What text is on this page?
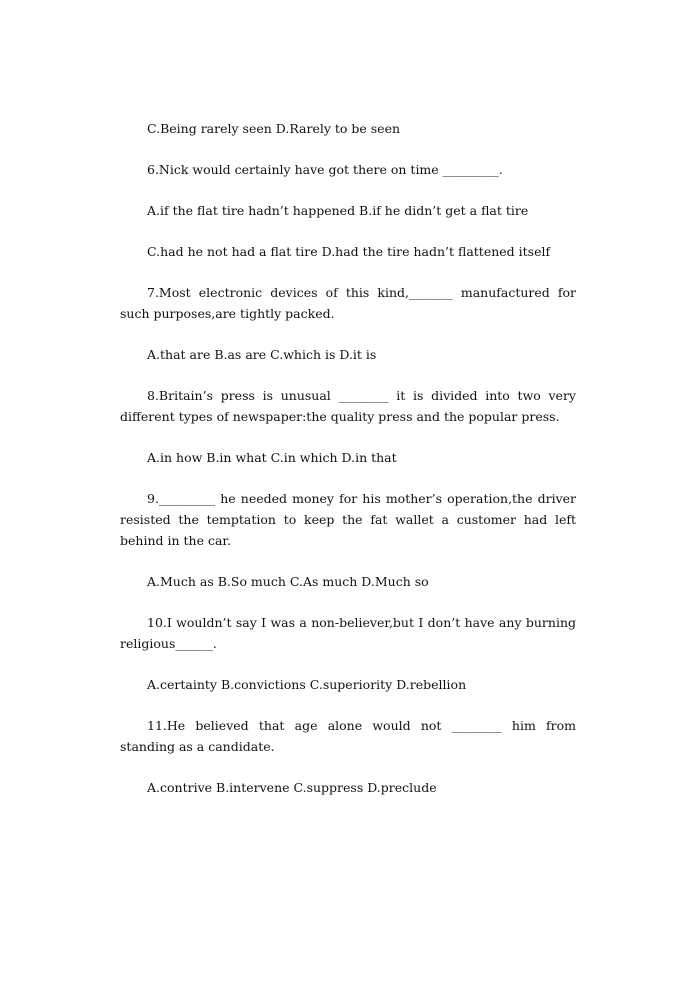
C.Being rarely seen D.Rarely to be seen

6.Nick would certainly have got there on time _________.

A.if the flat tire hadn’t happened B.if he didn’t get a flat tire

C.had he not had a flat tire D.had the tire hadn’t flattened itself

7.Most electronic devices of this kind,_______ manufactured for such purposes,are tightly packed.

A.that are B.as are C.which is D.it is

8.Britain’s press is unusual ________ it is divided into two very different types of newspaper:the quality press and the popular press.

A.in how B.in what C.in which D.in that

9._________ he needed money for his mother’s operation,the driver resisted the temptation to keep the fat wallet a customer had left behind in the car.

A.Much as B.So much C.As much D.Much so

10.I wouldn’t say I was a non-believer,but I don’t have any burning religious______.

A.certainty B.convictions C.superiority D.rebellion

11.He believed that age alone would not ________ him from standing as a candidate.

A.contrive B.intervene C.suppress D.preclude
